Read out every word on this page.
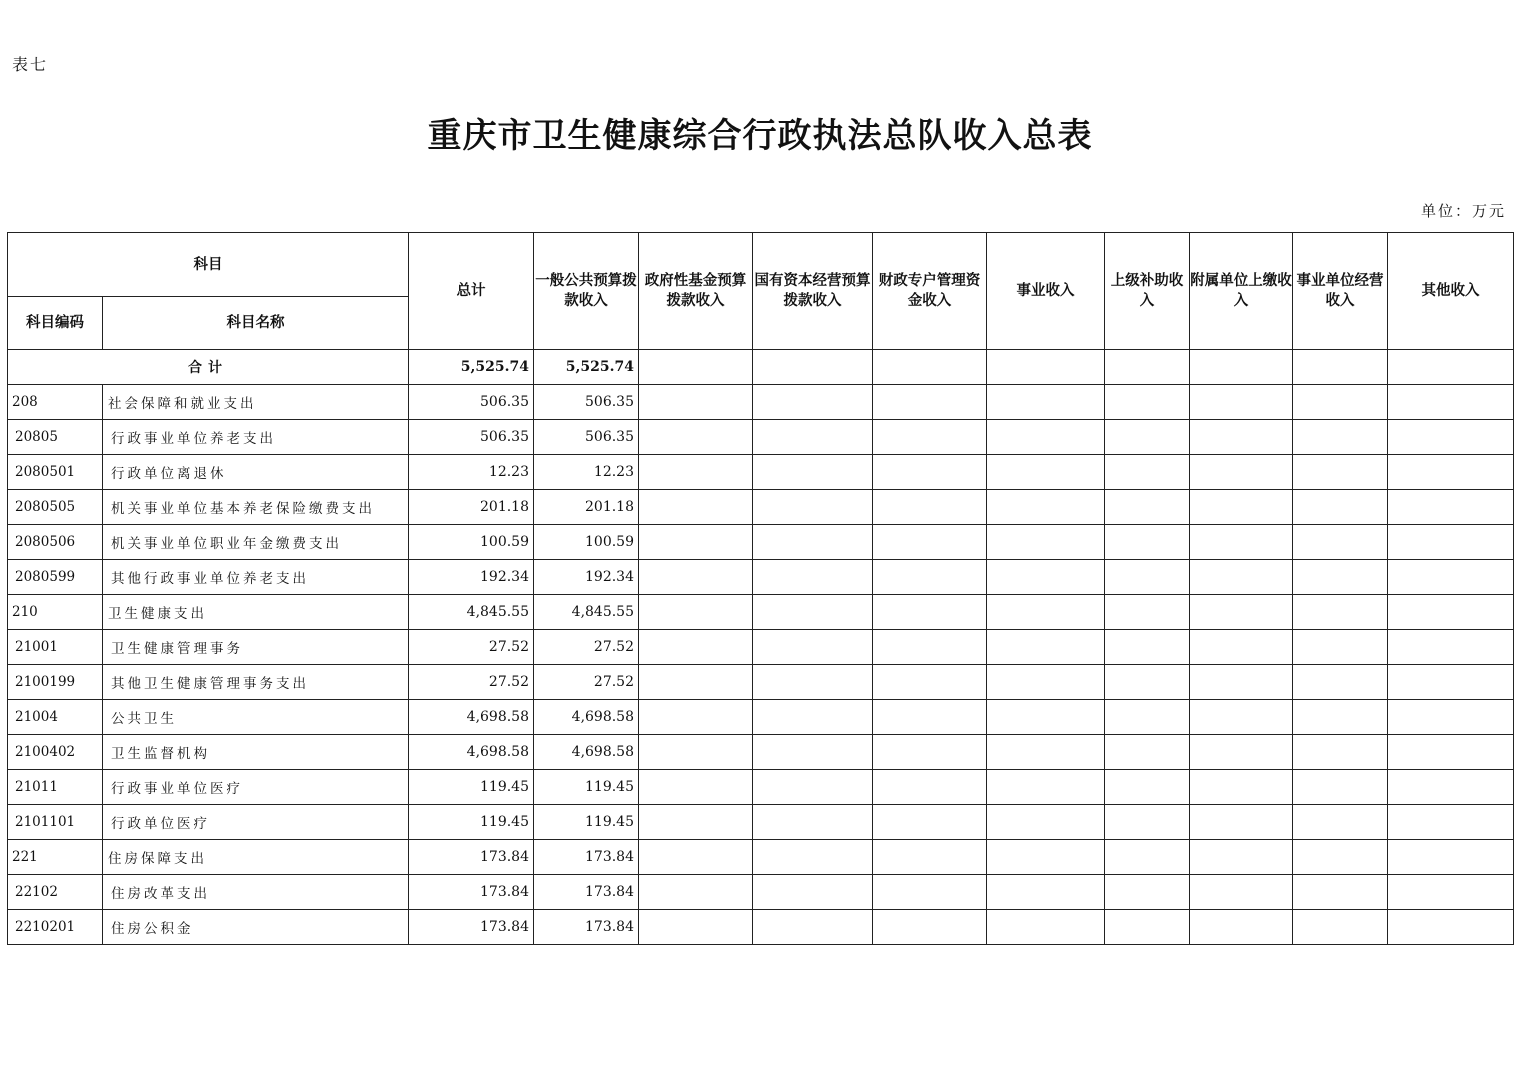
表七
重庆市卫生健康综合行政执法总队收入总表
单位：万元
科目		总计	一般公共预算拨款收入	政府性基金预算拨款收入	国有资本经营预算拨款收入	财政专户管理资金收入	事业收入	上级补助收入	附属单位上缴收入	事业单位经营收入	其他收入
科目编码	科目名称										
合计		5,525.74	5,525.74								
208	社会保障和就业支出	506.35	506.35								
20805	行政事业单位养老支出	506.35	506.35								
2080501	行政单位离退休	12.23	12.23								
2080505	机关事业单位基本养老保险缴费支出	201.18	201.18								
2080506	机关事业单位职业年金缴费支出	100.59	100.59								
2080599	其他行政事业单位养老支出	192.34	192.34								
210	卫生健康支出	4,845.55	4,845.55								
21001	卫生健康管理事务	27.52	27.52								
2100199	其他卫生健康管理事务支出	27.52	27.52								
21004	公共卫生	4,698.58	4,698.58								
2100402	卫生监督机构	4,698.58	4,698.58								
21011	行政事业单位医疗	119.45	119.45								
2101101	行政单位医疗	119.45	119.45								
221	住房保障支出	173.84	173.84								
22102	住房改革支出	173.84	173.84								
2210201	住房公积金	173.84	173.84								
